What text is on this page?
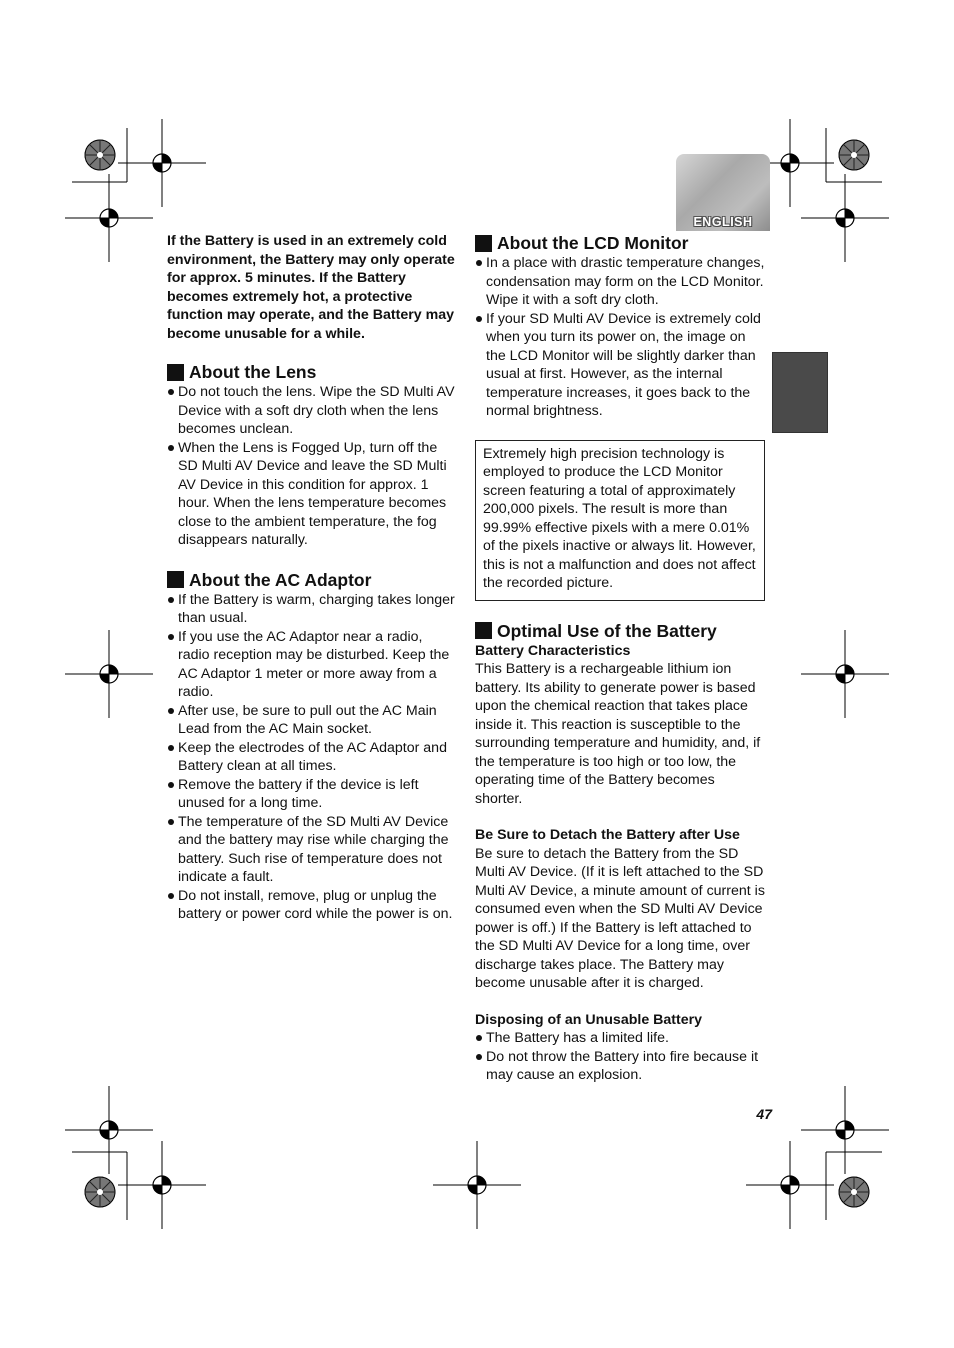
ENGLISH

If the Battery is used in an extremely cold environment, the Battery may only operate for approx. 5 minutes. If the Battery becomes extremely hot, a protective function may operate, and the Battery may become unusable for a while.

About the Lens
Do not touch the lens. Wipe the SD Multi AV Device with a soft dry cloth when the lens becomes unclean.
When the Lens is Fogged Up, turn off the SD Multi AV Device and leave the SD Multi AV Device in this condition for approx. 1 hour. When the lens temperature becomes close to the ambient temperature, the fog disappears naturally.
About the AC Adaptor
If the Battery is warm, charging takes longer than usual.
If you use the AC Adaptor near a radio, radio reception may be disturbed. Keep the AC Adaptor 1 meter or more away from a radio.
After use, be sure to pull out the AC Main Lead from the AC Main socket.
Keep the electrodes of the AC Adaptor and Battery clean at all times.
Remove the battery if the device is left unused for a long time.
The temperature of the SD Multi AV Device and the battery may rise while charging the battery. Such rise of temperature does not indicate a fault.
Do not install, remove, plug or unplug the battery or power cord while the power is on.
About the LCD Monitor
In a place with drastic temperature changes, condensation may form on the LCD Monitor. Wipe it with a soft dry cloth.
If your SD Multi AV Device is extremely cold when you turn its power on, the image on the LCD Monitor will be slightly darker than usual at first. However, as the internal temperature increases, it goes back to the normal brightness.

Extremely high precision technology is employed to produce the LCD Monitor screen featuring a total of approximately 200,000 pixels. The result is more than 99.99% effective pixels with a mere 0.01% of the pixels inactive or always lit. However, this is not a malfunction and does not affect the recorded picture.

Optimal Use of the Battery

Battery Characteristics

This Battery is a rechargeable lithium ion battery. Its ability to generate power is based upon the chemical reaction that takes place inside it. This reaction is susceptible to the surrounding temperature and humidity, and, if the temperature is too high or too low, the operating time of the Battery becomes shorter.

Be Sure to Detach the Battery after Use

Be sure to detach the Battery from the SD Multi AV Device. (If it is left attached to the SD Multi AV Device, a minute amount of current is consumed even when the SD Multi AV Device power is off.) If the Battery is left attached to the SD Multi AV Device for a long time, over discharge takes place. The Battery may become unusable after it is charged.

Disposing of an Unusable Battery

The Battery has a limited life.
Do not throw the Battery into fire because it may cause an explosion.
47
